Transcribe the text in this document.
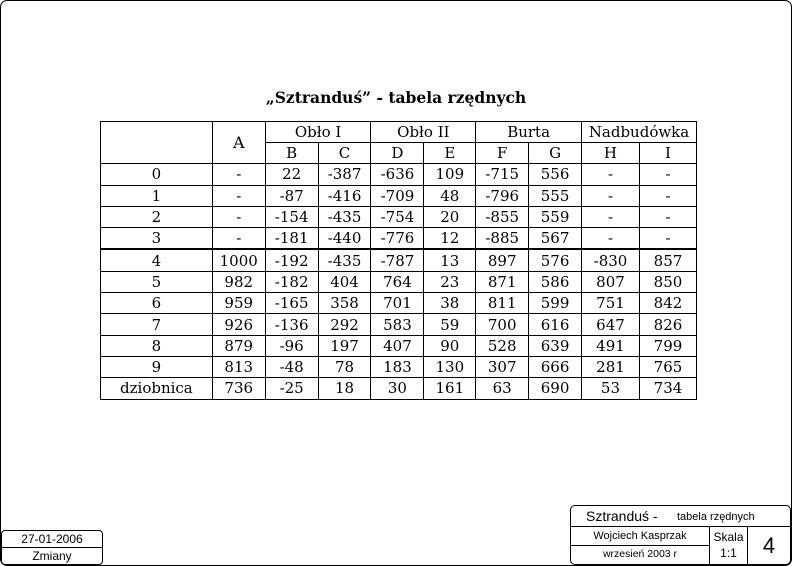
„Sztranduś” - tabela rzędnych
	A	Obło I		Obło II		Burta		Nadbudówka	
		B	C	D	E	F	G	H	I
0	-	22	-387	-636	109	-715	556	-	-
1	-	-87	-416	-709	48	-796	555	-	-
2	-	-154	-435	-754	20	-855	559	-	-
3	-	-181	-440	-776	12	-885	567	-	-
4	1000	-192	-435	-787	13	897	576	-830	857
5	982	-182	404	764	23	871	586	807	850
6	959	-165	358	701	38	811	599	751	842
7	926	-136	292	583	59	700	616	647	826
8	879	-96	197	407	90	528	639	491	799
9	813	-48	78	183	130	307	666	281	765
dziobnica	736	-25	18	30	161	63	690	53	734
Sztranduś - tabela rzędnych
Wojciech Kasprzak
wrzesień 2003 r
Skala
1:1	4
27-01-2006
Zmiany
